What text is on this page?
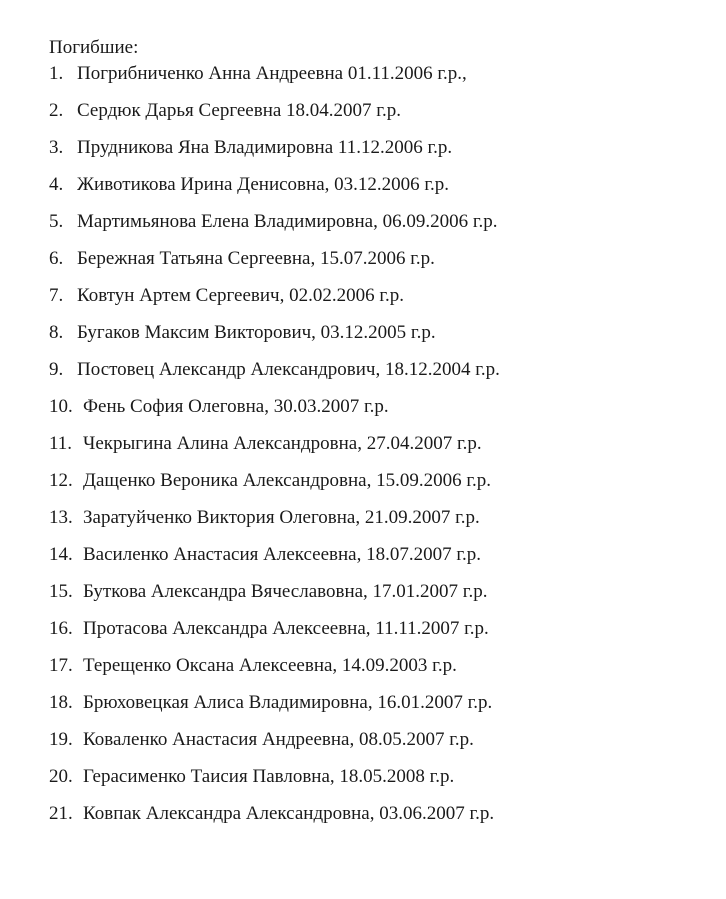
Погибшие:
1. Погрибниченко Анна Андреевна 01.11.2006 г.р.,
2. Сердюк Дарья Сергеевна 18.04.2007 г.р.
3. Прудникова Яна Владимировна 11.12.2006 г.р.
4. Животикова Ирина Денисовна, 03.12.2006 г.р.
5. Мартимьянова Елена Владимировна, 06.09.2006 г.р.
6. Бережная Татьяна Сергеевна, 15.07.2006 г.р.
7. Ковтун Артем Сергеевич, 02.02.2006 г.р.
8. Бугаков Максим Викторович, 03.12.2005 г.р.
9. Постовец Александр Александрович, 18.12.2004 г.р.
10. Фень София Олеговна, 30.03.2007 г.р.
11. Чекрыгина Алина Александровна, 27.04.2007 г.р.
12. Дащенко Вероника Александровна, 15.09.2006 г.р.
13. Заратуйченко Виктория Олеговна, 21.09.2007 г.р.
14. Василенко Анастасия Алексеевна, 18.07.2007 г.р.
15. Буткова Александра Вячеславовна, 17.01.2007 г.р.
16. Протасова Александра Алексеевна, 11.11.2007 г.р.
17. Терещенко Оксана Алексеевна, 14.09.2003 г.р.
18. Брюховецкая Алиса Владимировна, 16.01.2007 г.р.
19. Коваленко Анастасия Андреевна, 08.05.2007 г.р.
20. Герасименко Таисия Павловна, 18.05.2008 г.р.
21. Ковпак Александра Александровна, 03.06.2007 г.р.
